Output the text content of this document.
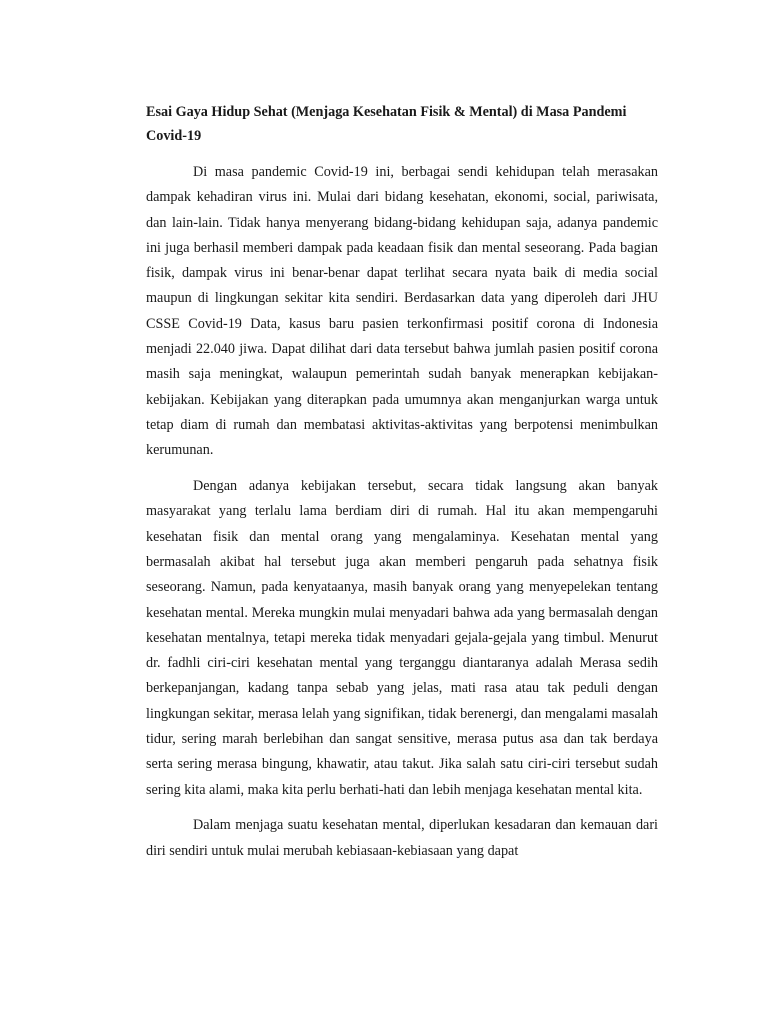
Esai Gaya Hidup Sehat (Menjaga Kesehatan Fisik & Mental) di Masa Pandemi Covid-19

Di masa pandemic Covid-19 ini, berbagai sendi kehidupan telah merasakan dampak kehadiran virus ini. Mulai dari bidang kesehatan, ekonomi, social, pariwisata, dan lain-lain. Tidak hanya menyerang bidang-bidang kehidupan saja, adanya pandemic ini juga berhasil memberi dampak pada keadaan fisik dan mental seseorang. Pada bagian fisik, dampak virus ini benar-benar dapat terlihat secara nyata baik di media social maupun di lingkungan sekitar kita sendiri. Berdasarkan data yang diperoleh dari JHU CSSE Covid-19 Data, kasus baru pasien terkonfirmasi positif corona di Indonesia menjadi 22.040 jiwa. Dapat dilihat dari data tersebut bahwa jumlah pasien positif corona masih saja meningkat, walaupun pemerintah sudah banyak menerapkan kebijakan-kebijakan. Kebijakan yang diterapkan pada umumnya akan menganjurkan warga untuk tetap diam di rumah dan membatasi aktivitas-aktivitas yang berpotensi menimbulkan kerumunan.

Dengan adanya kebijakan tersebut, secara tidak langsung akan banyak masyarakat yang terlalu lama berdiam diri di rumah. Hal itu akan mempengaruhi kesehatan fisik dan mental orang yang mengalaminya. Kesehatan mental yang bermasalah akibat hal tersebut juga akan memberi pengaruh pada sehatnya fisik seseorang. Namun, pada kenyataanya, masih banyak orang yang menyepelekan tentang kesehatan mental. Mereka mungkin mulai menyadari bahwa ada yang bermasalah dengan kesehatan mentalnya, tetapi mereka tidak menyadari gejala-gejala yang timbul. Menurut dr. fadhli ciri-ciri kesehatan mental yang terganggu diantaranya adalah Merasa sedih berkepanjangan, kadang tanpa sebab yang jelas, mati rasa atau tak peduli dengan lingkungan sekitar, merasa lelah yang signifikan, tidak berenergi, dan mengalami masalah tidur, sering marah berlebihan dan sangat sensitive, merasa putus asa dan tak berdaya serta sering merasa bingung, khawatir, atau takut. Jika salah satu ciri-ciri tersebut sudah sering kita alami, maka kita perlu berhati-hati dan lebih menjaga kesehatan mental kita.

Dalam menjaga suatu kesehatan mental, diperlukan kesadaran dan kemauan dari diri sendiri untuk mulai merubah kebiasaan-kebiasaan yang dapat
